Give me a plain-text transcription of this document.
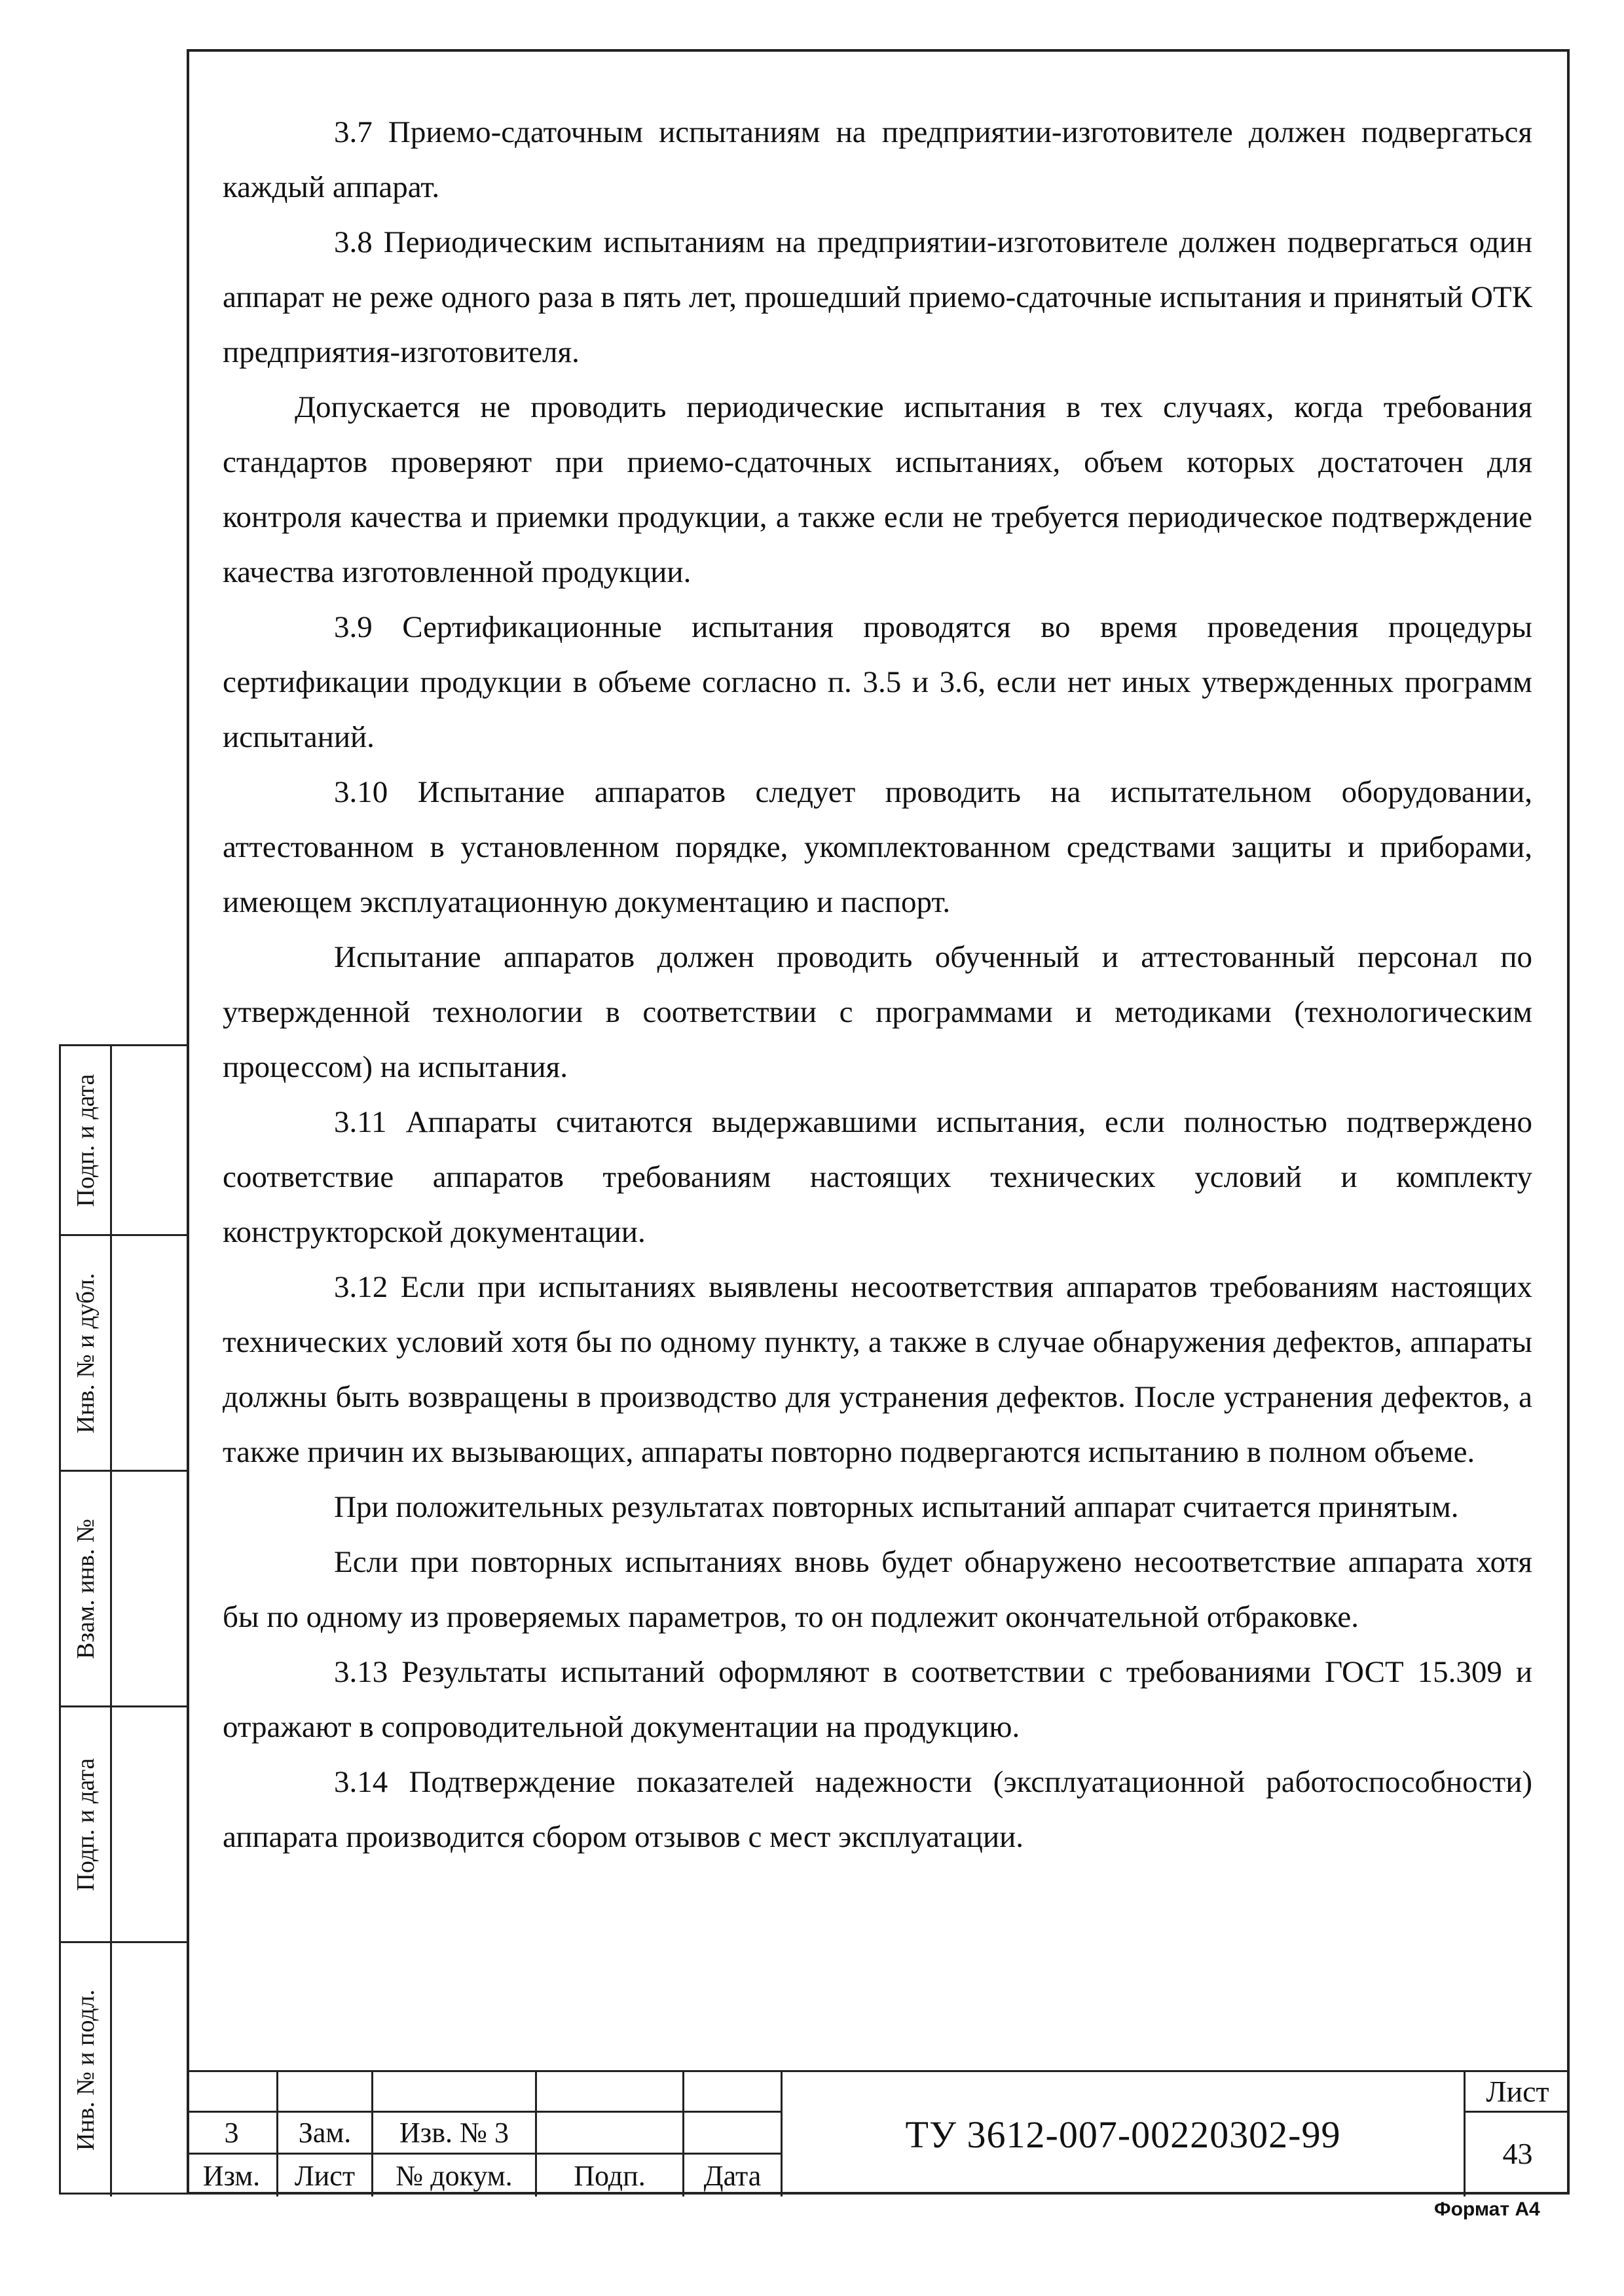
Подп. и дата
Инв. № и дубл.
Взам. инв. №
Подп. и дата
Инв. № и подл.

3.7 Приемо-сдаточным испытаниям на предприятии-изготовителе должен подвергаться каждый аппарат.

3.8 Периодическим испытаниям на предприятии-изготовителе должен подвергаться один аппарат не реже одного раза в пять лет, прошедший приемо-сдаточные испытания и принятый ОТК предприятия-изготовителя.

Допускается не проводить периодические испытания в тех случаях, когда требования стандартов проверяют при приемо-сдаточных испытаниях, объем которых достаточен для контроля качества и приемки продукции, а также если не требуется периодическое подтверждение качества изготовленной продукции.

3.9 Сертификационные испытания проводятся во время проведения процедуры сертификации продукции в объеме согласно п. 3.5 и 3.6, если нет иных утвержденных программ испытаний.

3.10 Испытание аппаратов следует проводить на испытательном оборудовании, аттестованном в установленном порядке, укомплектованном средствами защиты и приборами, имеющем эксплуатационную документацию и паспорт.

Испытание аппаратов должен проводить обученный и аттестованный персонал по утвержденной технологии в соответствии с программами и методиками (технологическим процессом) на испытания.

3.11 Аппараты считаются выдержавшими испытания, если полностью подтверждено соответствие аппаратов требованиям настоящих технических условий и комплекту конструкторской документации.

3.12 Если при испытаниях выявлены несоответствия аппаратов требованиям настоящих технических условий хотя бы по одному пункту, а также в случае обнаружения дефектов, аппараты должны быть возвращены в производство для устранения дефектов. После устранения дефектов, а также причин их вызывающих, аппараты повторно подвергаются испытанию в полном объеме.

При положительных результатах повторных испытаний аппарат считается принятым.

Если при повторных испытаниях вновь будет обнаружено несоответствие аппарата хотя бы по одному из проверяемых параметров, то он подлежит окончательной отбраковке.

3.13 Результаты испытаний оформляют в соответствии с требованиями ГОСТ 15.309 и отражают в сопроводительной документации на продукцию.

3.14 Подтверждение показателей надежности (эксплуатационной работоспособности) аппарата производится сбором отзывов с мест эксплуатации.

3	Зам.	Изв. № 3
Изм.	Лист	№ докум.	Подп.	Дата
ТУ 3612-007-00220302-99
Лист
43
Формат А4
